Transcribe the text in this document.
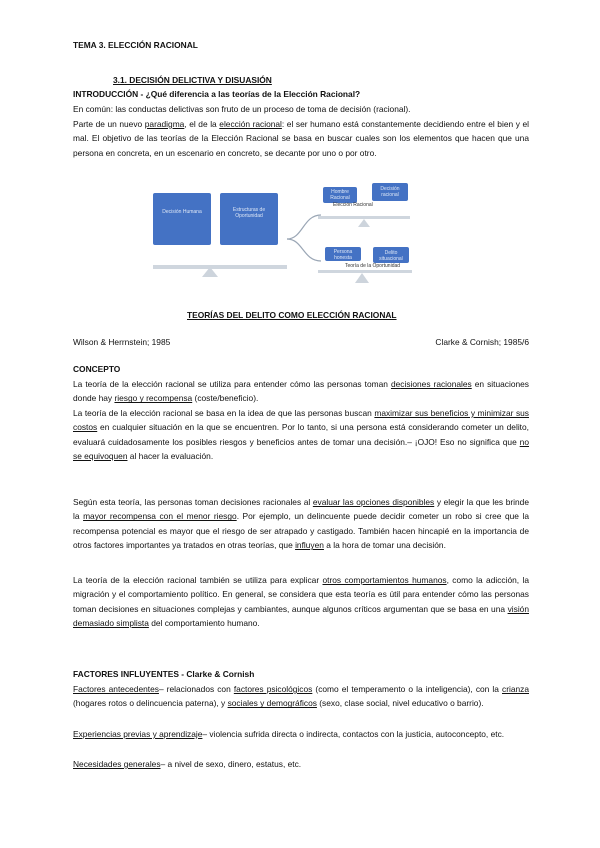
TEMA 3. ELECCIÓN RACIONAL
3.1. DECISIÓN DELICTIVA Y DISUASIÓN
INTRODUCCIÓN - ¿Qué diferencia a las teorías de la Elección Racional?

En común: las conductas delictivas son fruto de un proceso de toma de decisión (racional).

Parte de un nuevo paradigma, el de la elección racional: el ser humano está constantemente decidiendo entre el bien y el mal. El objetivo de las teorías de la Elección Racional se basa en buscar cuales son los elementos que hacen que una persona en concreta, en un escenario en concreto, se decante por uno o por otro.

Decisión Humana	Estructuras de Oportunidad
Hombre Racional
Decisión racional
Elección Racional
Persona honesta
Delito situacional
Teoría de la Oportunidad
TEORÍAS DEL DELITO COMO ELECCIÓN RACIONAL
Wilson & Herrnstein; 1985	Clarke & Cornish; 1985/6
CONCEPTO

La teoría de la elección racional se utiliza para entender cómo las personas toman decisiones racionales en situaciones donde hay riesgo y recompensa (coste/beneficio).

La teoría de la elección racional se basa en la idea de que las personas buscan maximizar sus beneficios y minimizar sus costos en cualquier situación en la que se encuentren. Por lo tanto, si una persona está considerando cometer un delito, evaluará cuidadosamente los posibles riesgos y beneficios antes de tomar una decisión.– ¡OJO! Eso no significa que no se equivoquen al hacer la evaluación.

Según esta teoría, las personas toman decisiones racionales al evaluar las opciones disponibles y elegir la que les brinde la mayor recompensa con el menor riesgo. Por ejemplo, un delincuente puede decidir cometer un robo si cree que la recompensa potencial es mayor que el riesgo de ser atrapado y castigado. También hacen hincapié en la importancia de otros factores importantes ya tratados en otras teorías, que influyen a la hora de tomar una decisión.

La teoría de la elección racional también se utiliza para explicar otros comportamientos humanos, como la adicción, la migración y el comportamiento político. En general, se considera que esta teoría es útil para entender cómo las personas toman decisiones en situaciones complejas y cambiantes, aunque algunos críticos argumentan que se basa en una visión demasiado simplista del comportamiento humano.

FACTORES INFLUYENTES - Clarke & Cornish

Factores antecedentes– relacionados con factores psicológicos (como el temperamento o la inteligencia), con la crianza (hogares rotos o delincuencia paterna), y sociales y demográficos (sexo, clase social, nivel educativo o barrio).

Experiencias previas y aprendizaje– violencia sufrida directa o indirecta, contactos con la justicia, autoconcepto, etc.

Necesidades generales– a nivel de sexo, dinero, estatus, etc.
